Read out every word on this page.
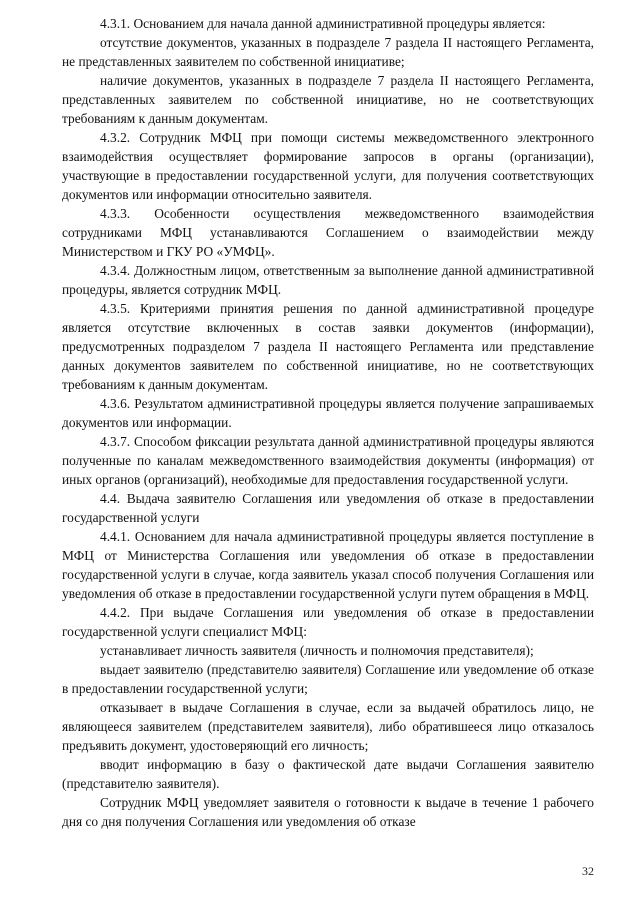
4.3.1. Основанием для начала данной административной процедуры является:

отсутствие документов, указанных в подразделе 7 раздела II настоящего Регламента, не представленных заявителем по собственной инициативе;

наличие документов, указанных в подразделе 7 раздела II настоящего Регламента, представленных заявителем по собственной инициативе, но не соответствующих требованиям к данным документам.

4.3.2. Сотрудник МФЦ при помощи системы межведомственного электронного взаимодействия осуществляет формирование запросов в органы (организации), участвующие в предоставлении государственной услуги, для получения соответствующих документов или информации относительно заявителя.

4.3.3. Особенности осуществления межведомственного взаимодействия сотрудниками МФЦ устанавливаются Соглашением о взаимодействии между Министерством и ГКУ РО «УМФЦ».

4.3.4. Должностным лицом, ответственным за выполнение данной административной процедуры, является сотрудник МФЦ.

4.3.5. Критериями принятия решения по данной административной процедуре является отсутствие включенных в состав заявки документов (информации), предусмотренных подразделом 7 раздела II настоящего Регламента или представление данных документов заявителем по собственной инициативе, но не соответствующих требованиям к данным документам.

4.3.6. Результатом административной процедуры является получение запрашиваемых документов или информации.

4.3.7. Способом фиксации результата данной административной процедуры являются полученные по каналам межведомственного взаимодействия документы (информация) от иных органов (организаций), необходимые для предоставления государственной услуги.

4.4. Выдача заявителю Соглашения или уведомления об отказе в предоставлении государственной услуги

4.4.1. Основанием для начала административной процедуры является поступление в МФЦ от Министерства Соглашения или уведомления об отказе в предоставлении государственной услуги в случае, когда заявитель указал способ получения Соглашения или уведомления об отказе в предоставлении государственной услуги путем обращения в МФЦ.

4.4.2. При выдаче Соглашения или уведомления об отказе в предоставлении государственной услуги специалист МФЦ:

устанавливает личность заявителя (личность и полномочия представителя);

выдает заявителю (представителю заявителя) Соглашение или уведомление об отказе в предоставлении государственной услуги;

отказывает в выдаче Соглашения в случае, если за выдачей обратилось лицо, не являющееся заявителем (представителем заявителя), либо обратившееся лицо отказалось предъявить документ, удостоверяющий его личность;

вводит информацию в базу о фактической дате выдачи Соглашения заявителю (представителю заявителя).

Сотрудник МФЦ уведомляет заявителя о готовности к выдаче в течение 1 рабочего дня со дня получения Соглашения или уведомления об отказе

32
